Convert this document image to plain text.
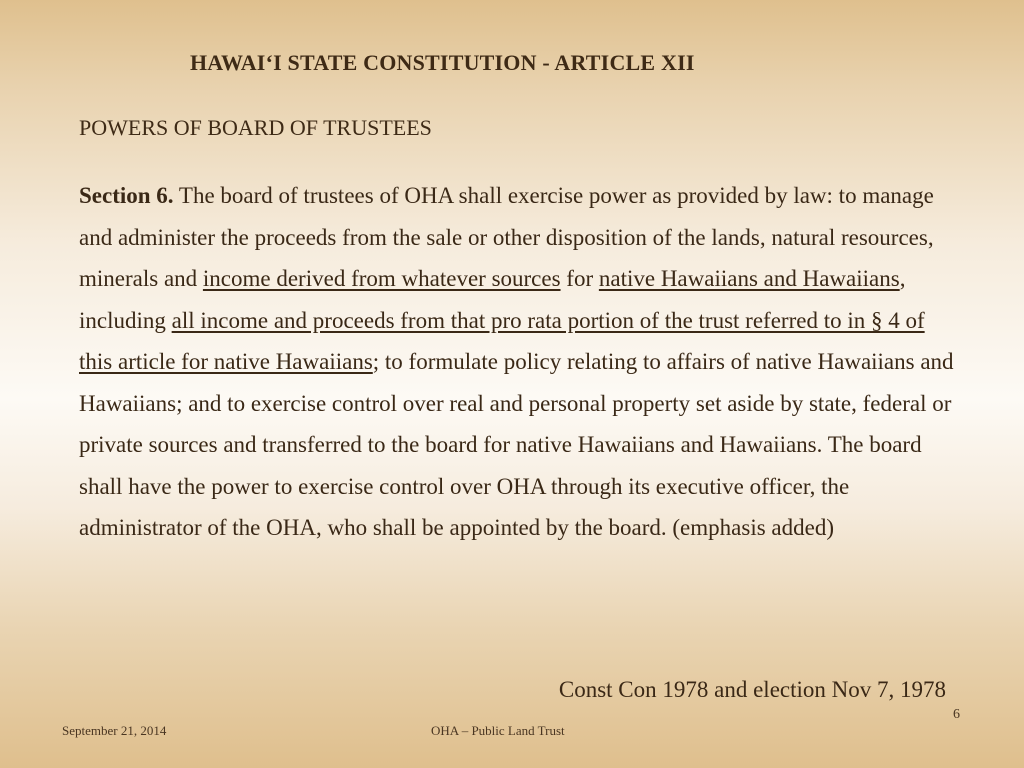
HAWAI‘I STATE CONSTITUTION - ARTICLE XII
POWERS OF BOARD OF TRUSTEES
Section 6. The board of trustees of OHA shall exercise power as provided by law: to manage and administer the proceeds from the sale or other disposition of the lands, natural resources, minerals and income derived from whatever sources for native Hawaiians and Hawaiians, including all income and proceeds from that pro rata portion of the trust referred to in § 4 of this article for native Hawaiians; to formulate policy relating to affairs of native Hawaiians and Hawaiians; and to exercise control over real and personal property set aside by state, federal or private sources and transferred to the board for native Hawaiians and Hawaiians. The board shall have the power to exercise control over OHA through its executive officer, the administrator of the OHA, who shall be appointed by the board. (emphasis added)
Const Con 1978 and election Nov 7, 1978
6
September 21, 2014	OHA – Public Land Trust
